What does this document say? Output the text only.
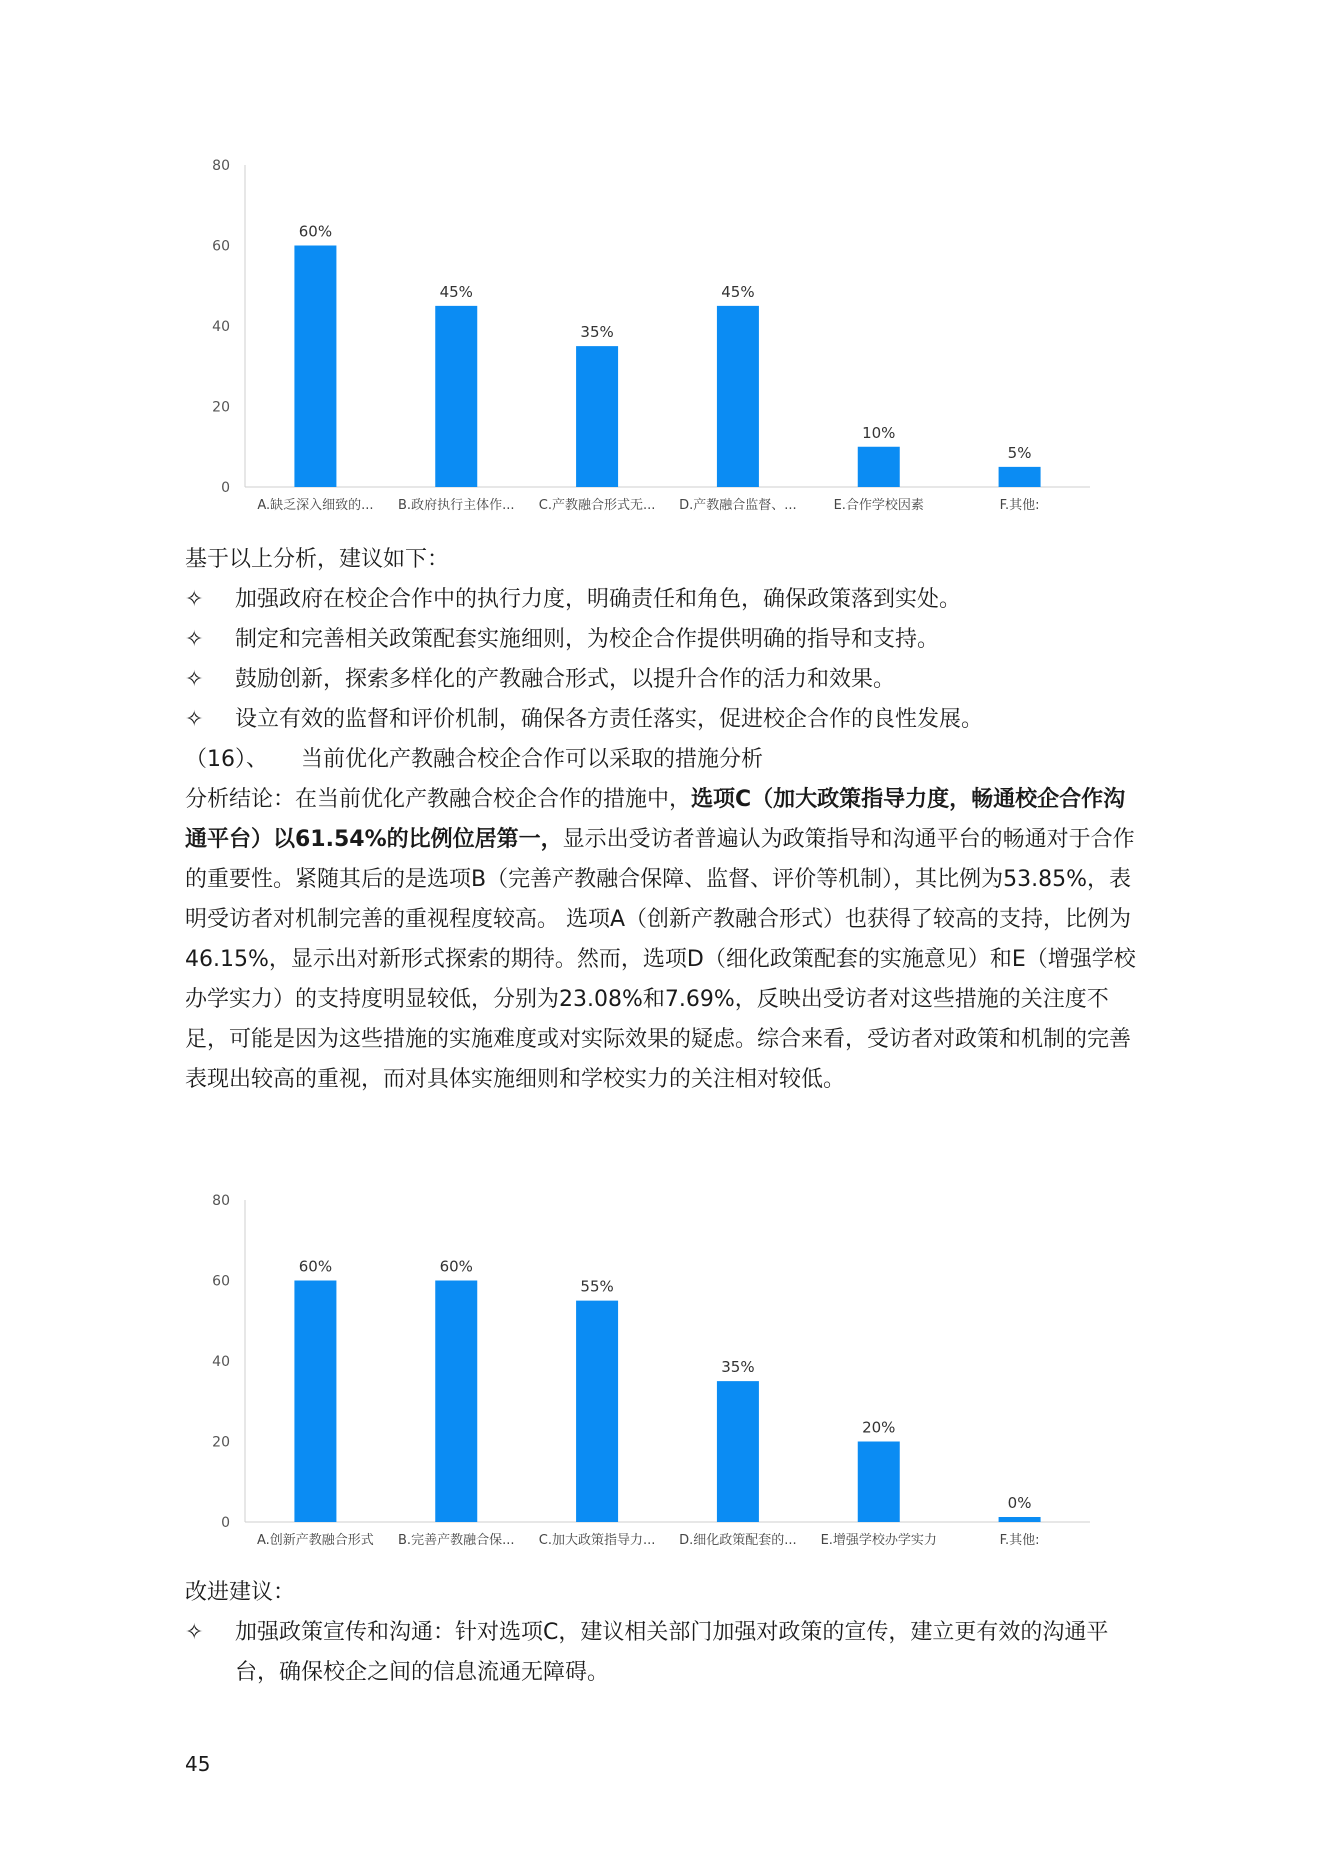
0
20
40
60
80
60%
A.缺乏深入细致的...
45%
B.政府执行主体作...
35%
C.产教融合形式无...
45%
D.产教融合监督、...
10%
E.合作学校因素
5%
F.其他:
基于以上分析，建议如下：
✧	加强政府在校企合作中的执行力度，明确责任和角色，确保政策落到实处。
✧	制定和完善相关政策配套实施细则，为校企合作提供明确的指导和支持。
✧	鼓励创新，探索多样化的产教融合形式，以提升合作的活力和效果。
✧	设立有效的监督和评价机制，确保各方责任落实，促进校企合作的良性发展。
（16）、　　当前优化产教融合校企合作可以采取的措施分析
分析结论：在当前优化产教融合校企合作的措施中，选项C（加大政策指导力度，畅通校企合作沟通平台）以61.54%的比例位居第一，显示出受访者普遍认为政策指导和沟通平台的畅通对于合作的重要性。紧随其后的是选项B（完善产教融合保障、监督、评价等机制），其比例为53.85%，表明受访者对机制完善的重视程度较高。 选项A（创新产教融合形式）也获得了较高的支持，比例为46.15%，显示出对新形式探索的期待。然而，选项D（细化政策配套的实施意见）和E（增强学校办学实力）的支持度明显较低，分别为23.08%和7.69%，反映出受访者对这些措施的关注度不足，可能是因为这些措施的实施难度或对实际效果的疑虑。综合来看，受访者对政策和机制的完善表现出较高的重视，而对具体实施细则和学校实力的关注相对较低。
0
20
40
60
80
60%
A.创新产教融合形式
60%
B.完善产教融合保...
55%
C.加大政策指导力...
35%
D.细化政策配套的...
20%
E.增强学校办学实力
0%
F.其他:
改进建议：
✧	加强政策宣传和沟通：针对选项C，建议相关部门加强对政策的宣传，建立更有效的沟通平台，确保校企之间的信息流通无障碍。
45
